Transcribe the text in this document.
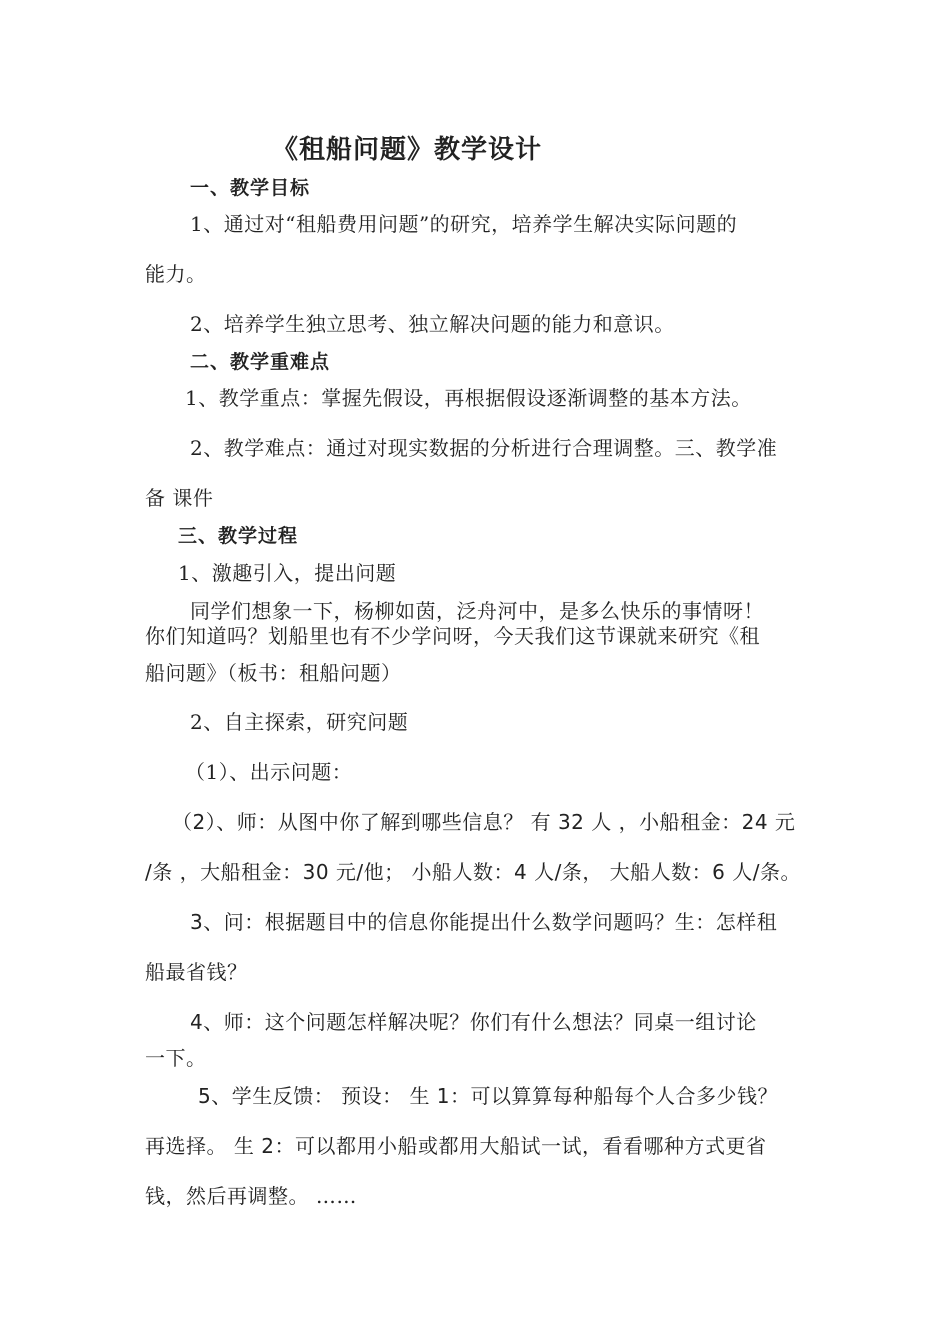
《租船问题》教学设计
一、教学目标
1、通过对“租船费用问题”的研究，培养学生解决实际问题的
能力。
2、培养学生独立思考、独立解决问题的能力和意识。
二、教学重难点
1、教学重点：掌握先假设，再根据假设逐渐调整的基本方法。
2、教学难点：通过对现实数据的分析进行合理调整。三、教学准
备 课件
三、教学过程
1、激趣引入，提出问题
同学们想象一下，杨柳如茵，泛舟河中，是多么快乐的事情呀！
你们知道吗？划船里也有不少学问呀，今天我们这节课就来研究《租
船问题》（板书：租船问题）
2、自主探索，研究问题
（1）、出示问题：
（2）、师：从图中你了解到哪些信息？ 有 32 人 ，小船租金：24 元
/条 ，大船租金：30 元/他； 小船人数：4 人/条， 大船人数：6 人/条。
3、问：根据题目中的信息你能提出什么数学问题吗？生：怎样租
船最省钱？
4、师：这个问题怎样解决呢？你们有什么想法？同桌一组讨论
一下。
5、学生反馈： 预设： 生 1：可以算算每种船每个人合多少钱？
再选择。 生 2：可以都用小船或都用大船试一试，看看哪种方式更省
钱，然后再调整。 ……
